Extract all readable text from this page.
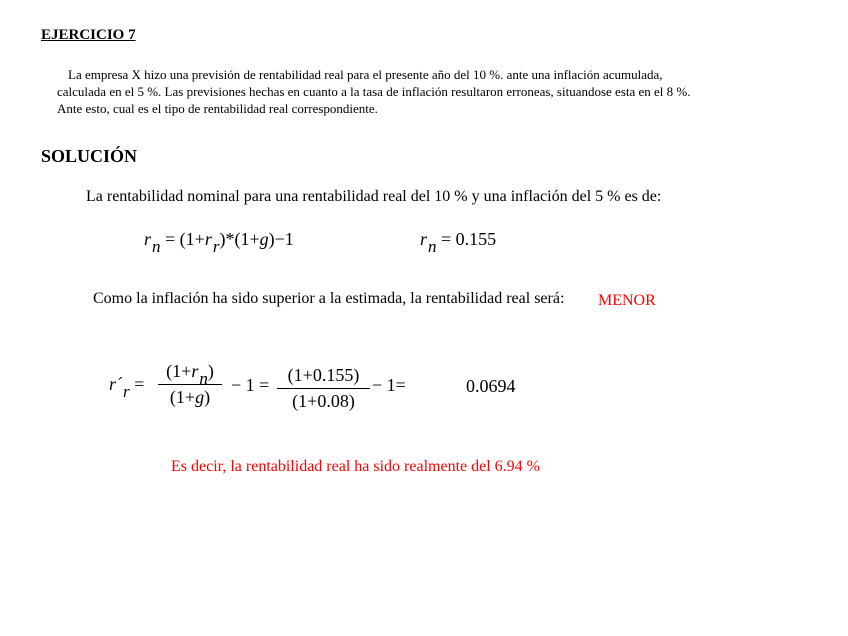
EJERCICIO 7
La empresa X hizo una previsión de rentabilidad real para el presente año del 10 %. ante una inflación acumulada,
calculada en el 5 %. Las previsiones hechas en cuanto a la tasa de inflación resultaron erroneas, situandose esta en el 8 %.
Ante esto, cual es el tipo de rentabilidad real correspondiente.
SOLUCIÓN
La rentabilidad nominal para una rentabilidad real del 10 % y una inflación del 5 % es de:
rn = (1+rr)*(1+g)−1	rn = 0.155
Como la inflación ha sido superior a la estimada, la rentabilidad real será: MENOR
r´r =
(1+rn)
(1+g)
− 1 =	(1+0.155)
(1+0.08)
− 1=	0.0694
Es decir, la rentabilidad real ha sido realmente del 6.94 %
